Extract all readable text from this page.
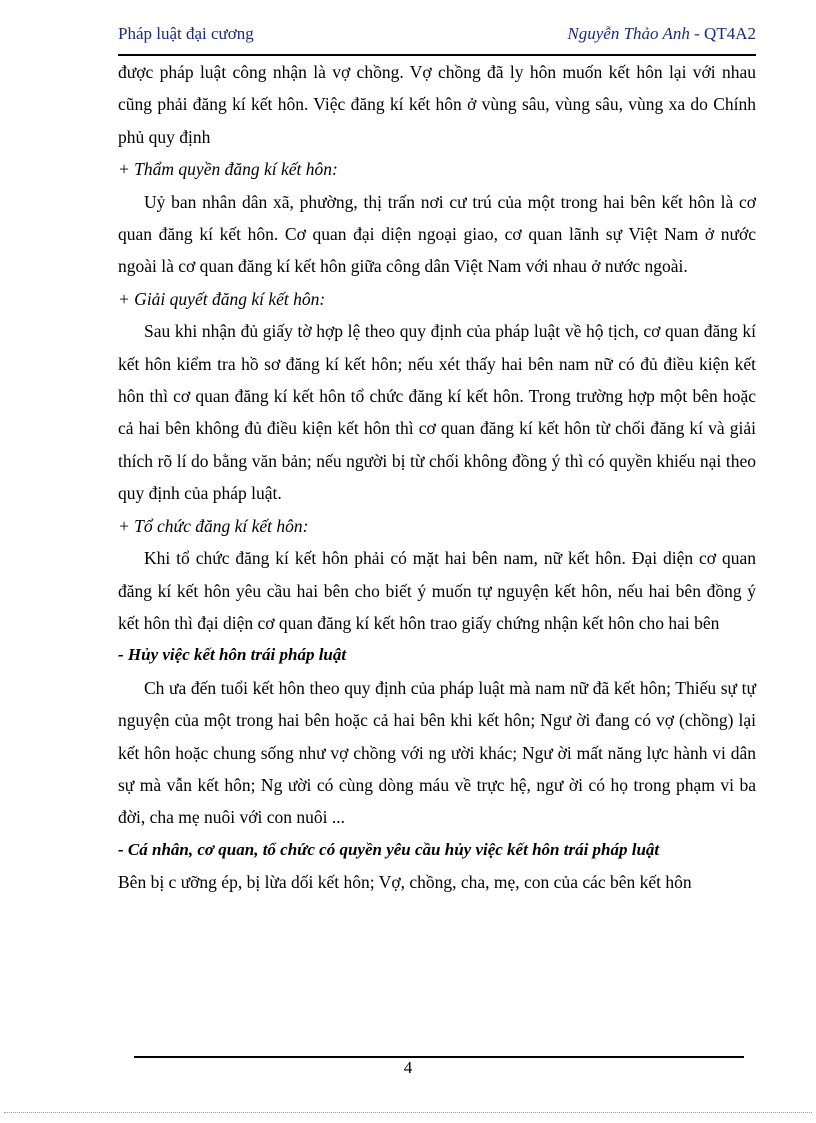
Pháp luật đại cương	Nguyễn Thảo Anh - QT4A2

được pháp luật công nhận là vợ chồng. Vợ chồng đã ly hôn muốn kết hôn lại với nhau cũng phải đăng kí kết hôn. Việc đăng kí kết hôn ở vùng sâu, vùng sâu, vùng xa do Chính phủ quy định

+ Thẩm quyền đăng kí kết hôn:

Uỷ ban nhân dân xã, phường, thị trấn nơi cư trú của một trong hai bên kết hôn là cơ quan đăng kí kết hôn. Cơ quan đại diện ngoại giao, cơ quan lãnh sự Việt Nam ở nước ngoài là cơ quan đăng kí kết hôn giữa công dân Việt Nam với nhau ở nước ngoài.

+ Giải quyết đăng kí kết hôn:

Sau khi nhận đủ giấy tờ hợp lệ theo quy định của pháp luật về hộ tịch, cơ quan đăng kí kết hôn kiểm tra hồ sơ đăng kí kết hôn; nếu xét thấy hai bên nam nữ có đủ điều kiện kết hôn thì cơ quan đăng kí kết hôn tổ chức đăng kí kết hôn. Trong trường hợp một bên hoặc cả hai bên không đủ điều kiện kết hôn thì cơ quan đăng kí kết hôn từ chối đăng kí và giải thích rõ lí do bằng văn bản; nếu người bị từ chối không đồng ý thì có quyền khiếu nại theo quy định của pháp luật.

+ Tổ chức đăng kí kết hôn:

Khi tổ chức đăng kí kết hôn phải có mặt hai bên nam, nữ kết hôn. Đại diện cơ quan đăng kí kết hôn yêu cầu hai bên cho biết ý muốn tự nguyện kết hôn, nếu hai bên đồng ý kết hôn thì đại diện cơ quan đăng kí kết hôn trao giấy chứng nhận kết hôn cho hai bên

- Hủy việc kết hôn trái pháp luật

Ch ưa đến tuổi kết hôn theo quy định của pháp luật mà nam nữ đã kết hôn; Thiếu sự tự nguyện của một trong hai bên hoặc cả hai bên khi kết hôn; Ngư ời đang có vợ (chồng) lại kết hôn hoặc chung sống như vợ chồng với ng ười khác; Ngư ời mất năng lực hành vi dân sự mà vẫn kết hôn; Ng ười có cùng dòng máu về trực hệ, ngư ời có họ trong phạm vi ba đời, cha mẹ nuôi với con nuôi ...

- Cá nhân, cơ quan, tổ chức có quyền yêu cầu hủy việc kết hôn trái pháp luật

Bên bị c ưỡng ép, bị lừa dối kết hôn; Vợ, chồng, cha, mẹ, con của các bên kết hôn

4
